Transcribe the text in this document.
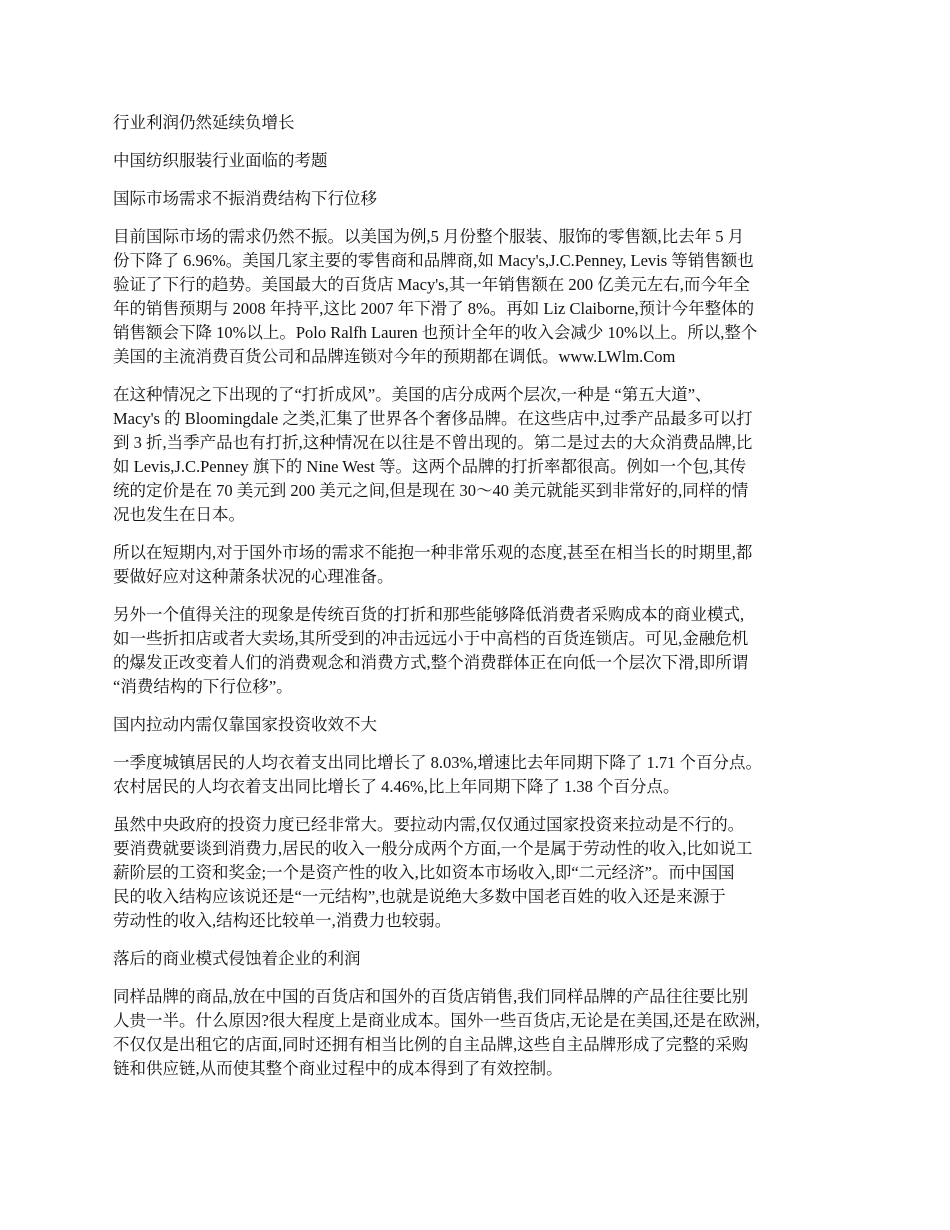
行业利润仍然延续负增长
中国纺织服装行业面临的考题
国际市场需求不振消费结构下行位移
目前国际市场的需求仍然不振。以美国为例,5 月份整个服装、服饰的零售额,比去年 5 月
份下降了 6.96%。美国几家主要的零售商和品牌商,如 Macy's,J.C.Penney, Levis 等销售额也
验证了下行的趋势。美国最大的百货店 Macy's,其一年销售额在 200 亿美元左右,而今年全
年的销售预期与 2008 年持平,这比 2007 年下滑了 8%。再如 Liz Claiborne,预计今年整体的
销售额会下降 10%以上。Polo Ralfh Lauren 也预计全年的收入会减少 10%以上。所以,整个
美国的主流消费百货公司和品牌连锁对今年的预期都在调低。www.LWlm.Com
在这种情况之下出现的了“打折成风”。美国的店分成两个层次,一种是 “第五大道”、
Macy's 的 Bloomingdale 之类,汇集了世界各个奢侈品牌。在这些店中,过季产品最多可以打
到 3 折,当季产品也有打折,这种情况在以往是不曾出现的。第二是过去的大众消费品牌,比
如 Levis,J.C.Penney 旗下的 Nine West 等。这两个品牌的打折率都很高。例如一个包,其传
统的定价是在 70 美元到 200 美元之间,但是现在 30～40 美元就能买到非常好的,同样的情
况也发生在日本。
所以在短期内,对于国外市场的需求不能抱一种非常乐观的态度,甚至在相当长的时期里,都
要做好应对这种萧条状况的心理准备。
另外一个值得关注的现象是传统百货的打折和那些能够降低消费者采购成本的商业模式,
如一些折扣店或者大卖场,其所受到的冲击远远小于中高档的百货连锁店。可见,金融危机
的爆发正改变着人们的消费观念和消费方式,整个消费群体正在向低一个层次下滑,即所谓
“消费结构的下行位移”。
国内拉动内需仅靠国家投资收效不大
一季度城镇居民的人均衣着支出同比增长了 8.03%,增速比去年同期下降了 1.71 个百分点。
农村居民的人均衣着支出同比增长了 4.46%,比上年同期下降了 1.38 个百分点。
虽然中央政府的投资力度已经非常大。要拉动内需,仅仅通过国家投资来拉动是不行的。
要消费就要谈到消费力,居民的收入一般分成两个方面,一个是属于劳动性的收入,比如说工
薪阶层的工资和奖金;一个是资产性的收入,比如资本市场收入,即“二元经济”。而中国国
民的收入结构应该说还是“一元结构”,也就是说绝大多数中国老百姓的收入还是来源于
劳动性的收入,结构还比较单一,消费力也较弱。
落后的商业模式侵蚀着企业的利润
同样品牌的商品,放在中国的百货店和国外的百货店销售,我们同样品牌的产品往往要比别
人贵一半。什么原因?很大程度上是商业成本。国外一些百货店,无论是在美国,还是在欧洲,
不仅仅是出租它的店面,同时还拥有相当比例的自主品牌,这些自主品牌形成了完整的采购
链和供应链,从而使其整个商业过程中的成本得到了有效控制。
